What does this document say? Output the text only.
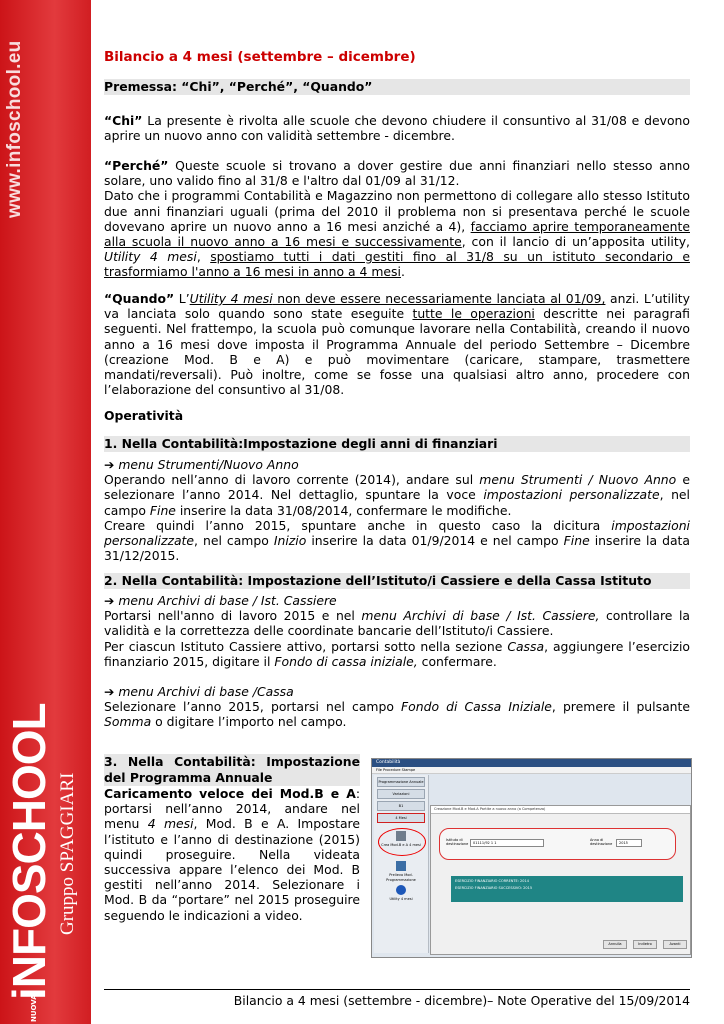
www.infoschool.eu
iNFOSCHOOL Gruppo SPAGGIARI
NUOVA
Bilancio a 4 mesi (settembre – dicembre)
Premessa: “Chi”, “Perché”, “Quando”

“Chi” La presente è rivolta alle scuole che devono chiudere il consuntivo al 31/08 e devono aprire un nuovo anno con validità settembre - dicembre.

“Perché” Queste scuole si trovano a dover gestire due anni finanziari nello stesso anno solare, uno valido fino al 31/8 e l'altro dal 01/09 al 31/12.

Dato che i programmi Contabilità e Magazzino non permettono di collegare allo stesso Istituto due anni finanziari uguali (prima del 2010 il problema non si presentava perché le scuole dovevano aprire un nuovo anno a 16 mesi anziché a 4), facciamo aprire temporaneamente alla scuola il nuovo anno a 16 mesi e successivamente, con il lancio di un’apposita utility, Utility 4 mesi, spostiamo tutti i dati gestiti fino al 31/8 su un istituto secondario e trasformiamo l'anno a 16 mesi in anno a 4 mesi.

“Quando” L’Utility 4 mesi non deve essere necessariamente lanciata al 01/09, anzi. L’utility va lanciata solo quando sono state eseguite tutte le operazioni descritte nei paragrafi seguenti. Nel frattempo, la scuola può comunque lavorare nella Contabilità, creando il nuovo anno a 16 mesi dove imposta il Programma Annuale del periodo Settembre – Dicembre (creazione Mod. B e A) e può movimentare (caricare, stampare, trasmettere mandati/reversali). Può inoltre, come se fosse una qualsiasi altro anno, procedere con l’elaborazione del consuntivo al 31/08.

Operatività
1. Nella Contabilità:Impostazione degli anni di finanziari

➔ menu Strumenti/Nuovo Anno

Operando nell’anno di lavoro corrente (2014), andare sul menu Strumenti / Nuovo Anno e selezionare l’anno 2014. Nel dettaglio, spuntare la voce impostazioni personalizzate, nel campo Fine inserire la data 31/08/2014, confermare le modifiche.

Creare quindi l’anno 2015, spuntare anche in questo caso la dicitura impostazioni personalizzate, nel campo Inizio inserire la data 01/9/2014 e nel campo Fine inserire la data 31/12/2015.

2. Nella Contabilità: Impostazione dell’Istituto/i Cassiere e della Cassa Istituto

➔ menu Archivi di base / Ist. Cassiere

Portarsi nell'anno di lavoro 2015 e nel menu Archivi di base / Ist. Cassiere, controllare la validità e la correttezza delle coordinate bancarie dell’Istituto/i Cassiere.

Per ciascun Istituto Cassiere attivo, portarsi sotto nella sezione Cassa, aggiungere l’esercizio finanziario 2015, digitare il Fondo di cassa iniziale, confermare.

➔ menu Archivi di base /Cassa

Selezionare l’anno 2015, portarsi nel campo Fondo di Cassa Iniziale, premere il pulsante Somma o digitare l’importo nel campo.

3. Nella Contabilità: Impostazione del Programma Annuale

Caricamento veloce dei Mod.B e A: portarsi nell’anno 2014, andare nel menu 4 mesi, Mod. B e A. Impostare l’istituto e l’anno di destinazione (2015) quindi proseguire. Nella videata successiva appare l’elenco dei Mod. B gestiti nell’anno 2014. Selezionare i Mod. B da “portare” nel 2015 proseguire seguendo le indicazioni a video.

Contabilità
File Procedure Stampe
Programmazione Annuale
Variazioni
B1
4 Mesi
Crea Mod.B e A 4 mesi
Prelievo Mod. Programmazione
Utility 4 mesi
Creazione Mod.B e Mod.A Partite a nuovo anno (a Competenza)
Istituto di destinazione	01111/92 1 1
Anno di destinazione	2015
ESERCIZIO FINANZIARIO CORRENTE: 2014
ESERCIZIO FINANZIARIO SUCCESSIVO: 2015
Annulla	Indietro	Avanti
Bilancio a 4 mesi (settembre - dicembre)– Note Operative del 15/09/2014
